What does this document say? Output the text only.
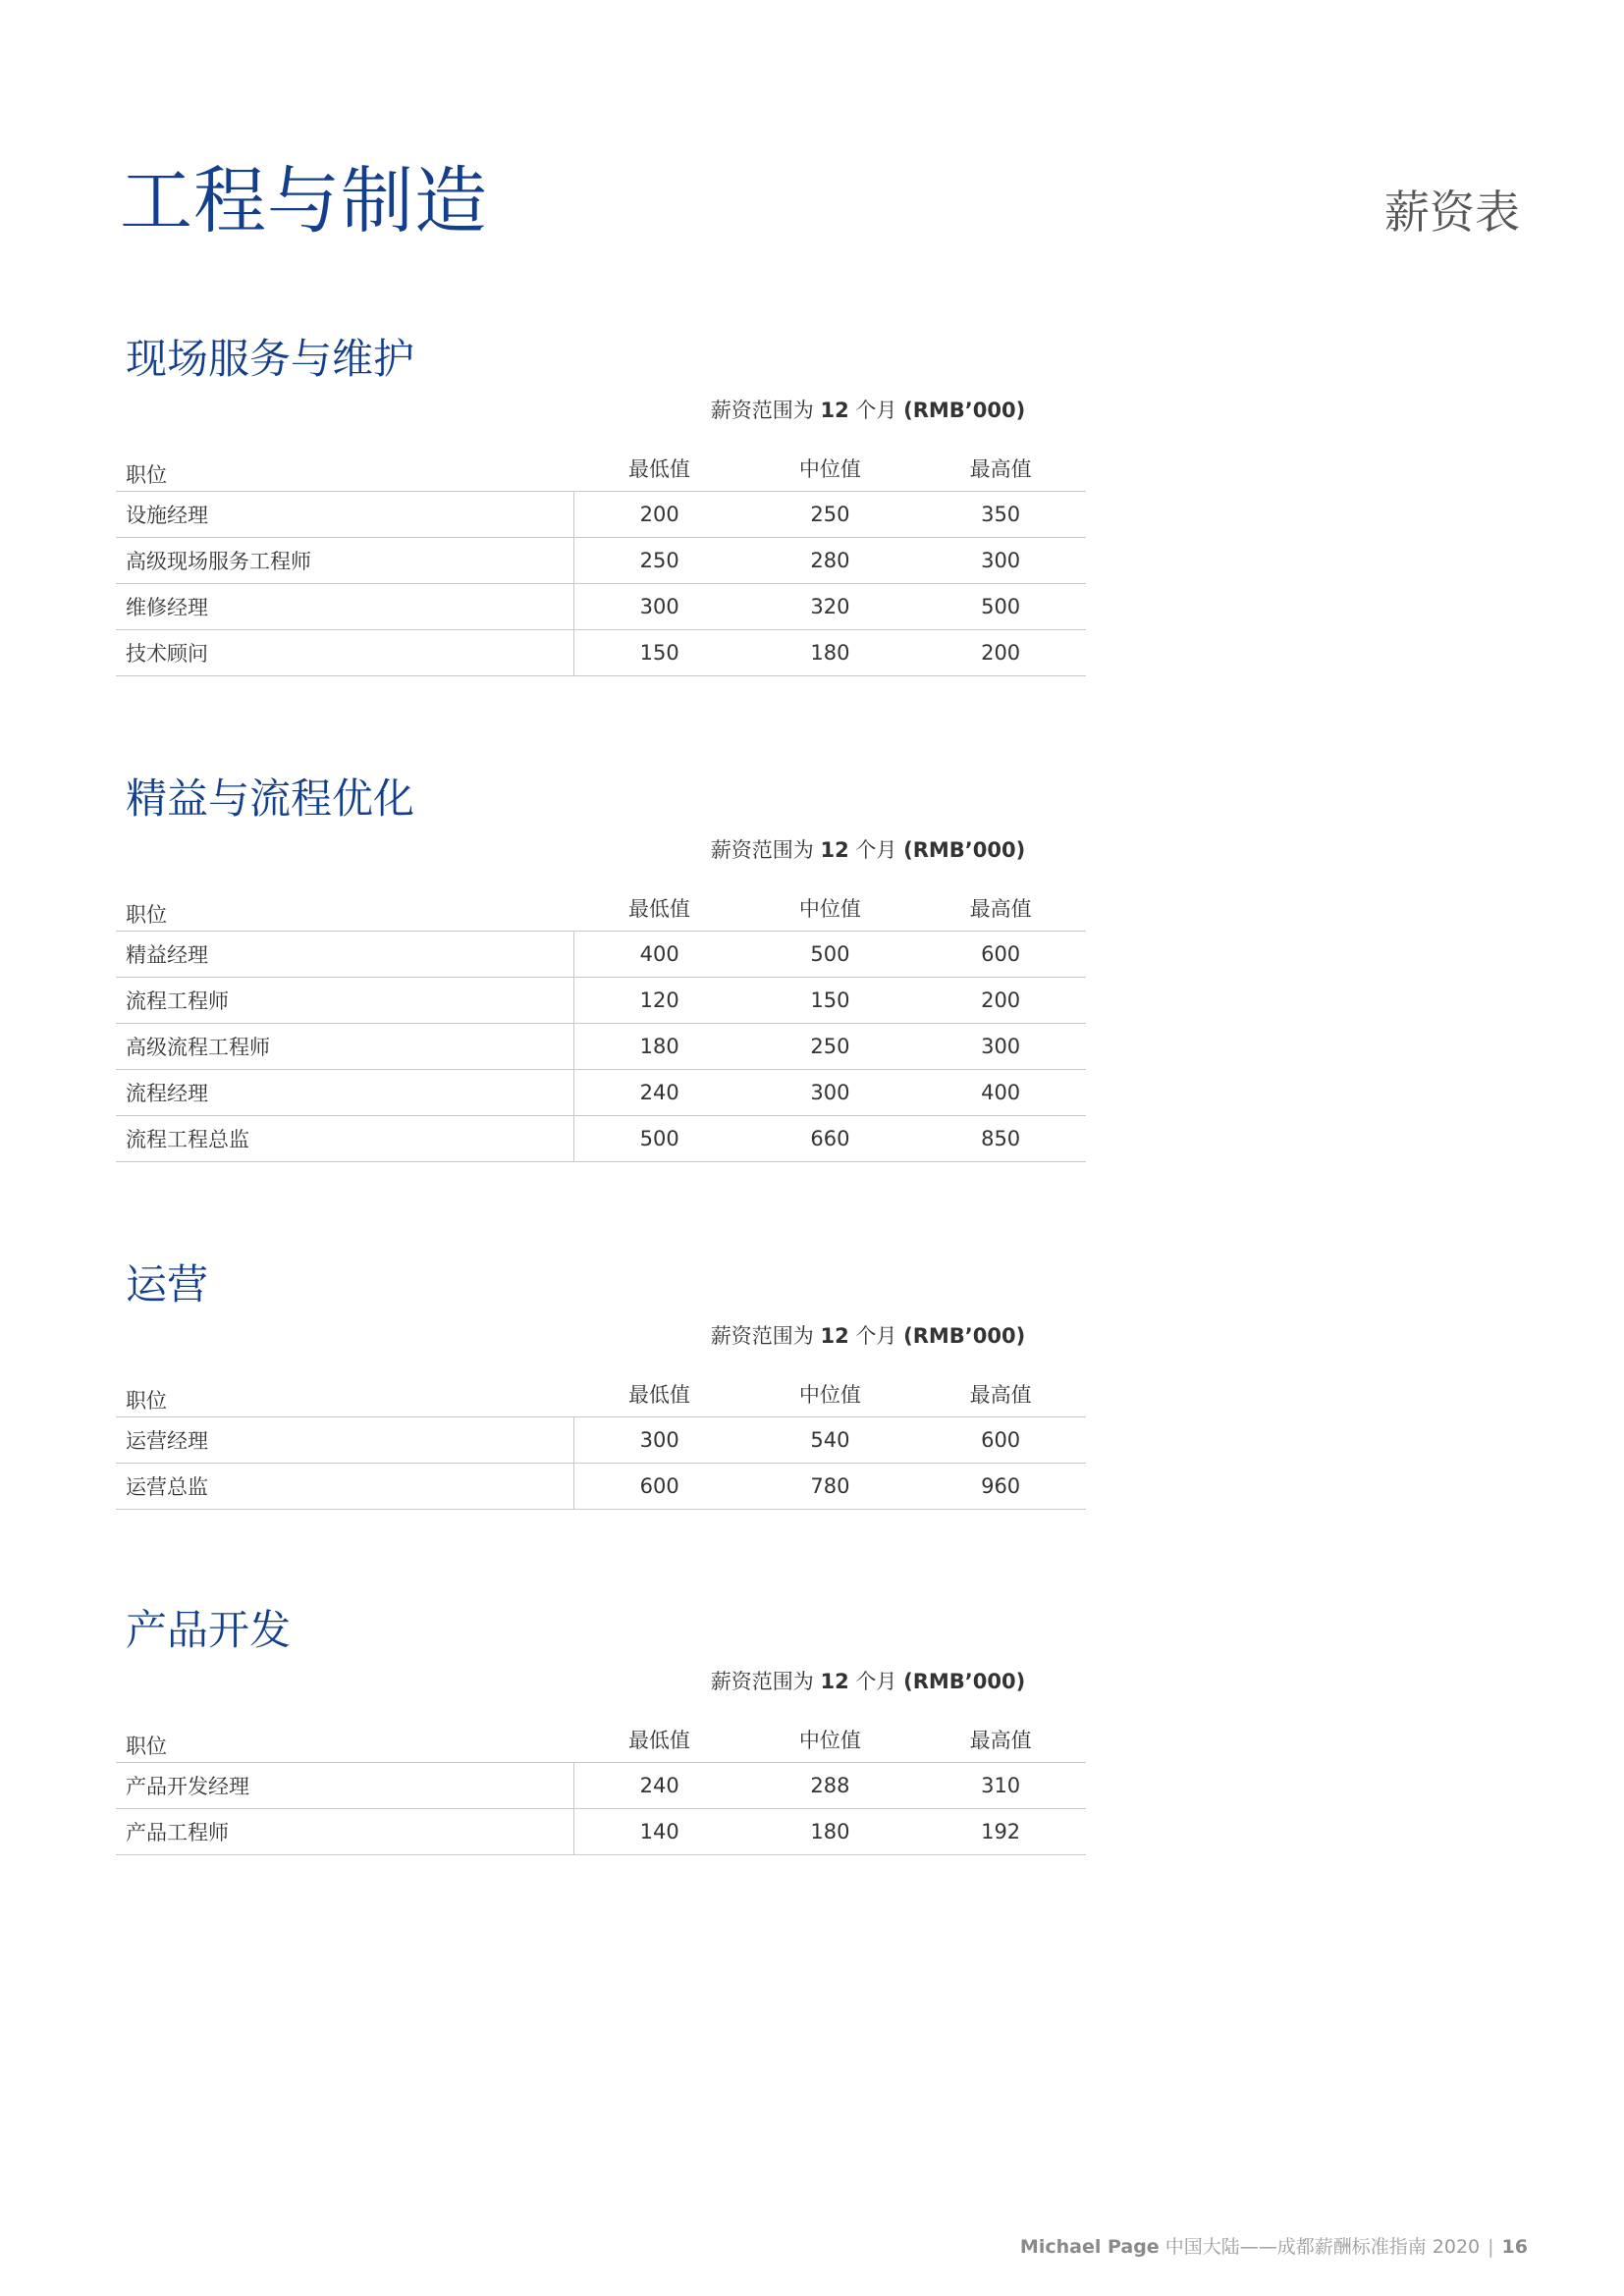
工程与制造	薪资表
现场服务与维护
薪资范围为 12 个月 (RMB’000)
职位	最低值	中位值	最高值
设施经理	200	250	350
高级现场服务工程师	250	280	300
维修经理	300	320	500
技术顾问	150	180	200
精益与流程优化
薪资范围为 12 个月 (RMB’000)
职位	最低值	中位值	最高值
精益经理	400	500	600
流程工程师	120	150	200
高级流程工程师	180	250	300
流程经理	240	300	400
流程工程总监	500	660	850
运营
薪资范围为 12 个月 (RMB’000)
职位	最低值	中位值	最高值
运营经理	300	540	600
运营总监	600	780	960
产品开发
薪资范围为 12 个月 (RMB’000)
职位	最低值	中位值	最高值
产品开发经理	240	288	310
产品工程师	140	180	192
Michael Page 中国大陆——成都薪酬标准指南 2020 | 16
